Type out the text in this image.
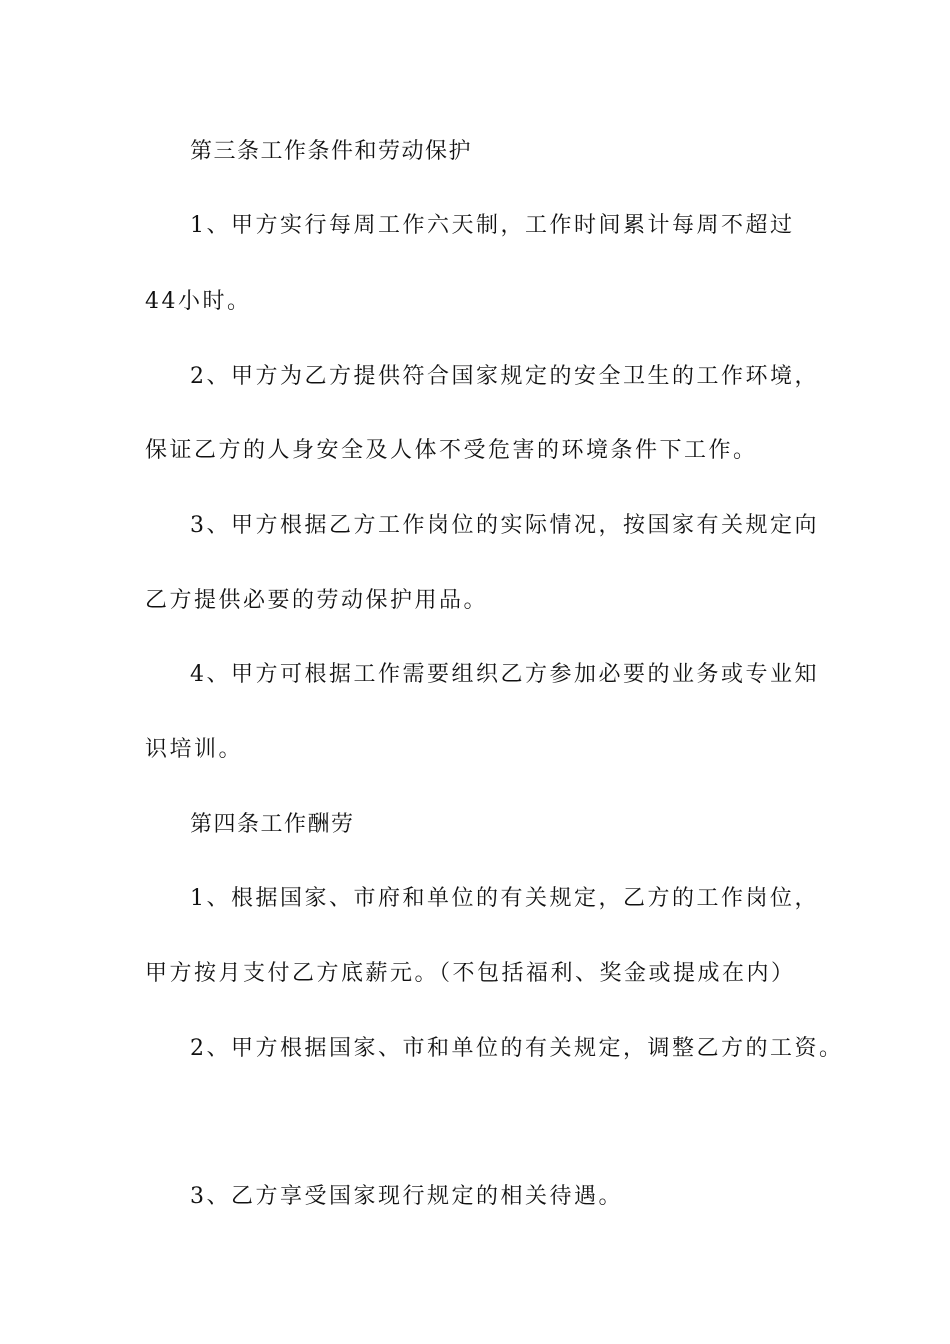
第三条工作条件和劳动保护
1、甲方实行每周工作六天制，工作时间累计每周不超过
44小时。
2、甲方为乙方提供符合国家规定的安全卫生的工作环境，
保证乙方的人身安全及人体不受危害的环境条件下工作。
3、甲方根据乙方工作岗位的实际情况，按国家有关规定向
乙方提供必要的劳动保护用品。
4、甲方可根据工作需要组织乙方参加必要的业务或专业知
识培训。
第四条工作酬劳
1、根据国家、市府和单位的有关规定，乙方的工作岗位，
甲方按月支付乙方底薪元。（不包括福利、奖金或提成在内）
2、甲方根据国家、市和单位的有关规定，调整乙方的工资。
3、乙方享受国家现行规定的相关待遇。
